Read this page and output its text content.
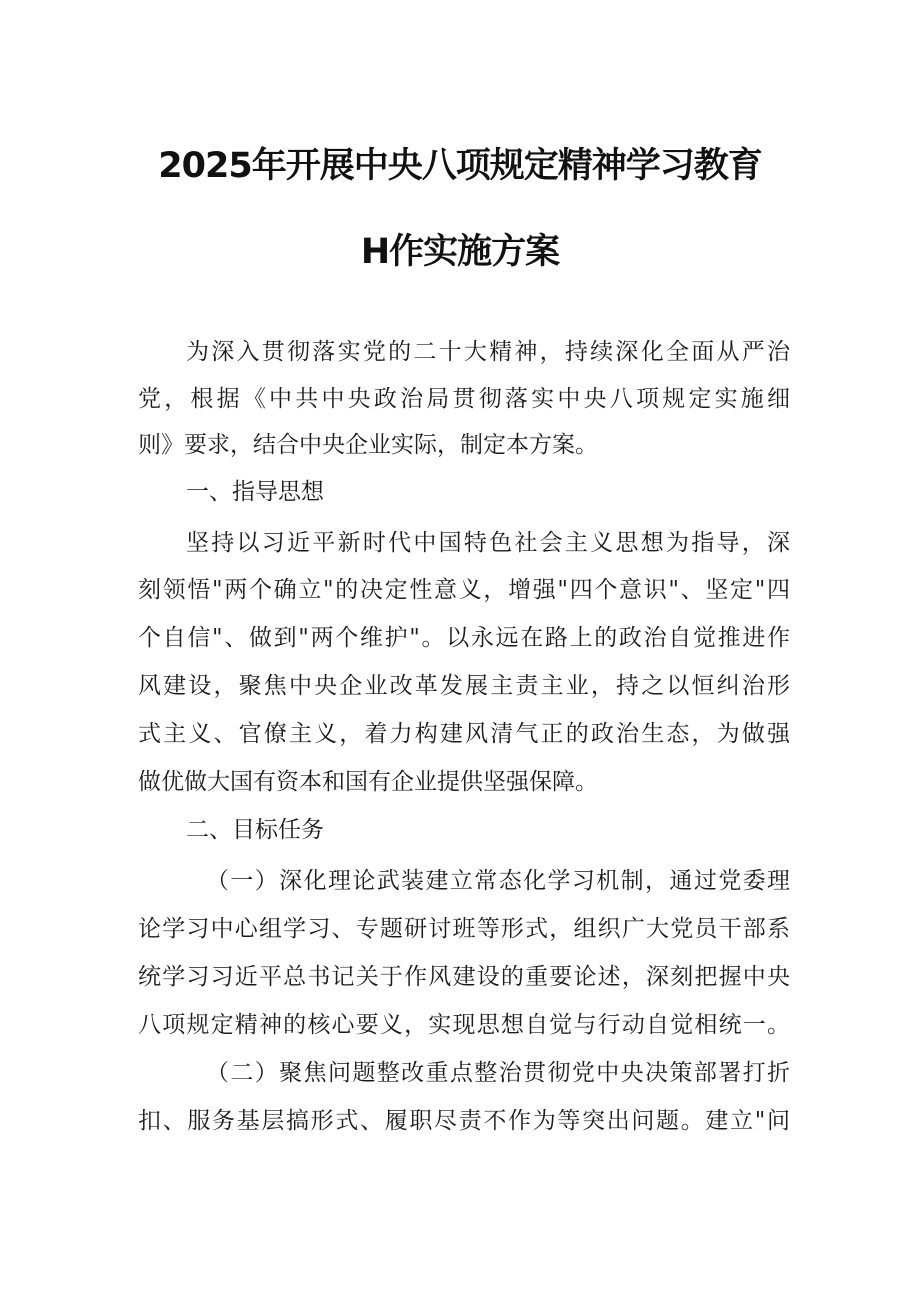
2025年开展中央八项规定精神学习教育
H作实施方案
为深入贯彻落实党的二十大精神，持续深化全面从严治
党，根据《中共中央政治局贯彻落实中央八项规定实施细
则》要求，结合中央企业实际，制定本方案。
一、指导思想
坚持以习近平新时代中国特色社会主义思想为指导，深
刻领悟"两个确立"的决定性意义，增强"四个意识"、坚定"四
个自信"、做到"两个维护"。以永远在路上的政治自觉推进作
风建设，聚焦中央企业改革发展主责主业，持之以恒纠治形
式主义、官僚主义，着力构建风清气正的政治生态，为做强
做优做大国有资本和国有企业提供坚强保障。
二、目标任务
（一）深化理论武装建立常态化学习机制，通过党委理
论学习中心组学习、专题研讨班等形式，组织广大党员干部系
统学习习近平总书记关于作风建设的重要论述，深刻把握中央
八项规定精神的核心要义，实现思想自觉与行动自觉相统一。
（二）聚焦问题整改重点整治贯彻党中央决策部署打折
扣、服务基层搞形式、履职尽责不作为等突出问题。建立"问
